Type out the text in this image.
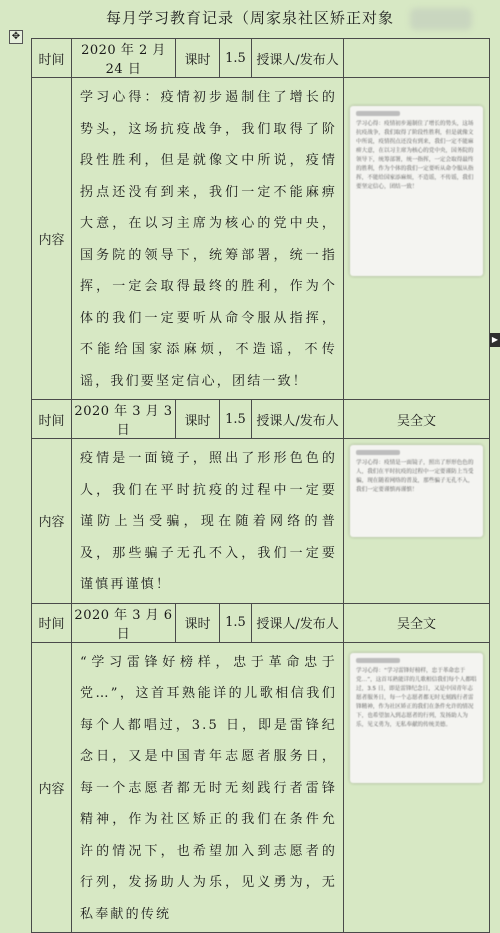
每月学习教育记录（周家泉社区矫正对象
✥
时间	2020 年 2 月 24 日	课时	1.5	授课人/发布人	
内容	学习心得：疫情初步遏制住了增长的势头，这场抗疫战争，我们取得了阶段性胜利，但是就像文中所说，疫情拐点还没有到来，我们一定不能麻痹大意，在以习主席为核心的党中央，国务院的领导下，统筹部署，统一指挥，一定会取得最终的胜利，作为个体的我们一定要听从命令服从指挥，不能给国家添麻烦，不造谣，不传谣，我们要坚定信心，团结一致！				学习心得：疫情初步遏制住了增长的势头，这场抗疫战争，我们取得了阶段性胜利，但是就像文中所说，疫情拐点还没有到来，我们一定不能麻痹大意，在以习主席为核心的党中央，国务院的领导下，统筹部署，统一指挥，一定会取得最终的胜利，作为个体的我们一定要听从命令服从指挥，不能给国家添麻烦，不造谣，不传谣，我们要坚定信心，团结一致！

时间	2020 年 3 月 3 日	课时	1.5	授课人/发布人	吴全文
内容	疫情是一面镜子，照出了形形色色的人，我们在平时抗疫的过程中一定要谨防上当受骗，现在随着网络的普及，那些骗子无孔不入，我们一定要谨慎再谨慎！				学习心得：疫情是一面镜子，照出了形形色色的人，我们在平时抗疫的过程中一定要谨防上当受骗，现在随着网络的普及，那些骗子无孔不入，我们一定要谨慎再谨慎！

时间	2020 年 3 月 6 日	课时	1.5	授课人/发布人	吴全文
内容	“学习雷锋好榜样，忠于革命忠于党…”，这首耳熟能详的儿歌相信我们每个人都唱过，3.5 日，即是雷锋纪念日，又是中国青年志愿者服务日，每一个志愿者都无时无刻践行者雷锋精神，作为社区矫正的我们在条件允许的情况下，也希望加入到志愿者的行列，发扬助人为乐，见义勇为，无私奉献的传统				学习心得：“学习雷锋好榜样，忠于革命忠于党…”，这首耳熟能详的儿歌相信我们每个人都唱过，3.5 日，即是雷锋纪念日，又是中国青年志愿者服务日，每一个志愿者都无时无刻践行者雷锋精神，作为社区矫正的我们在条件允许的情况下，也希望加入到志愿者的行列，发扬助人为乐，见义勇为，无私奉献的传统美德。
▶
